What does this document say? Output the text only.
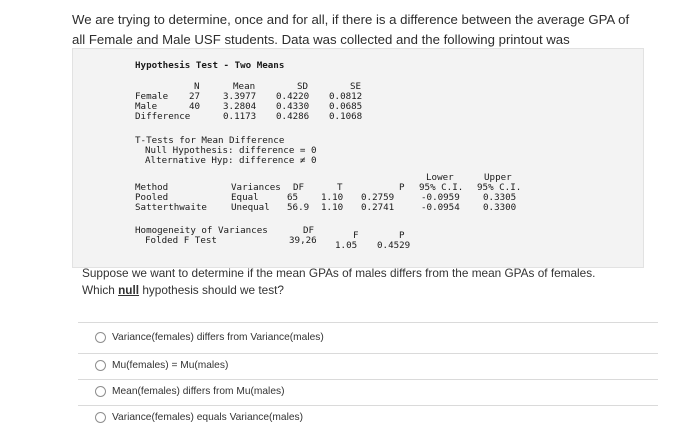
We are trying to determine, once and for all, if there is a difference between the average GPA of all Female and Male USF students. Data was collected and the following printout was
Hypothesis Test - Two Means
N	Mean	SD	SE
Female 27 3.3977 0.4220 0.0812
Male	40 3.2804 0.4330 0.0685
Difference	0.1173 0.4286 0.1068
T-Tests for Mean Difference
Null Hypothesis: difference = 0
Alternative Hyp: difference ≠ 0
Lower	Upper
Method	Variances DF	T	P 95% C.I. 95% C.I.
Pooled	Equal	65 1.10 0.2759	-0.0959	0.3305
Satterthwaite	Unequal 56.9 1.10 0.2741	-0.0954	0.3300
Homogeneity of Variances	DF	F	P
Folded F Test	39,26 1.05 0.4529
Suppose we want to determine if the mean GPAs of males differs from the mean GPAs of females.
Which null hypothesis should we test?
Variance(females) differs from Variance(males)
Mu(females) = Mu(males)
Mean(females) differs from Mu(males)
Variance(females) equals Variance(males)
